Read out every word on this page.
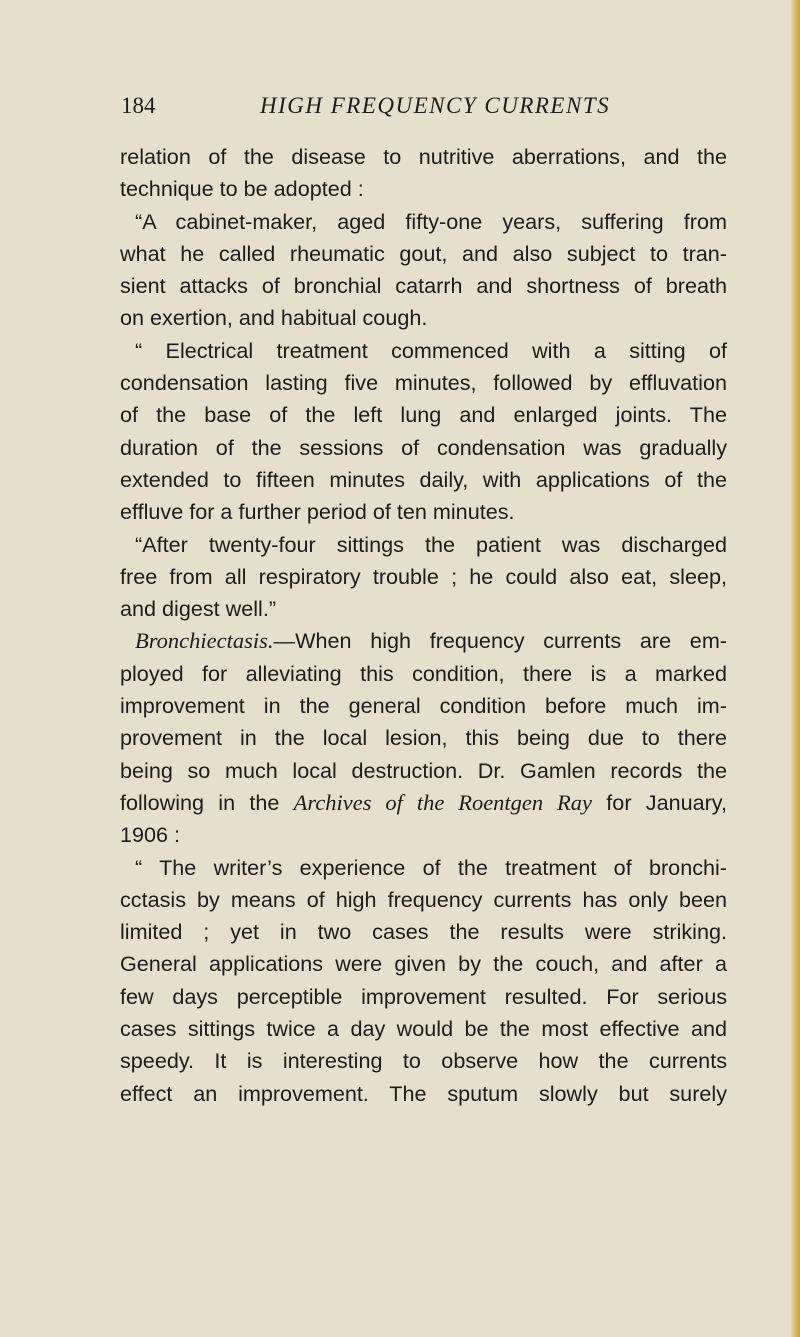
184	HIGH FREQUENCY CURRENTS
relation of the disease to nutritive aberrations, and the
technique to be adopted :
“A cabinet-maker, aged fifty-one years, suffering from
what he called rheumatic gout, and also subject to tran-
sient attacks of bronchial catarrh and shortness of breath
on exertion, and habitual cough.
“ Electrical treatment commenced with a sitting of
condensation lasting five minutes, followed by effluvation
of the base of the left lung and enlarged joints. The
duration of the sessions of condensation was gradually
extended to fifteen minutes daily, with applications of the
effluve for a further period of ten minutes.
“After twenty-four sittings the patient was discharged
free from all respiratory trouble ; he could also eat, sleep,
and digest well.”
Bronchiectasis.—When high frequency currents are em-
ployed for alleviating this condition, there is a marked
improvement in the general condition before much im-
provement in the local lesion, this being due to there
being so much local destruction. Dr. Gamlen records the
following in the Archives of the Roentgen Ray for January,
1906 :
“ The writer’s experience of the treatment of bronchi-
cctasis by means of high frequency currents has only been
limited ; yet in two cases the results were striking.
General applications were given by the couch, and after a
few days perceptible improvement resulted. For serious
cases sittings twice a day would be the most effective and
speedy. It is interesting to observe how the currents
effect an improvement. The sputum slowly but surely
